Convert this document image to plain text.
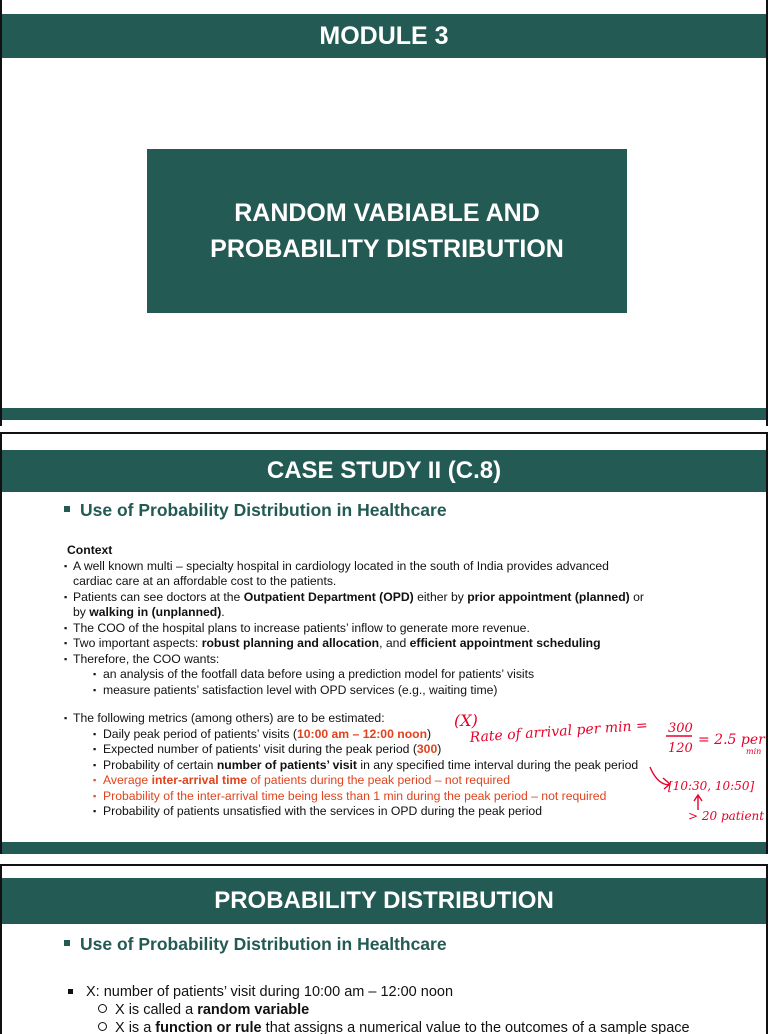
MODULE 3
RANDOM VABIABLE AND
PROBABILITY DISTRIBUTION
CASE STUDY II (C.8)
Use of Probability Distribution in Healthcare
Context
▪ A well known multi – specialty hospital in cardiology located in the south of India provides advanced
cardiac care at an affordable cost to the patients.
▪ Patients can see doctors at the Outpatient Department (OPD) either by prior appointment (planned) or
by walking in (unplanned).
▪ The COO of the hospital plans to increase patients’ inflow to generate more revenue.
▪ Two important aspects: robust planning and allocation, and efficient appointment scheduling
▪ Therefore, the COO wants:
▪ an analysis of the footfall data before using a prediction model for patients’ visits
▪ measure patients’ satisfaction level with OPD services (e.g., waiting time)
▪ The following metrics (among others) are to be estimated:
▪ Daily peak period of patients’ visits (10:00 am – 12:00 noon)
▪ Expected number of patients’ visit during the peak period (300)
▪ Probability of certain number of patients’ visit in any specified time interval during the peak period
▪ Average inter-arrival time of patients during the peak period – not required
▪ Probability of the inter-arrival time being less than 1 min during the peak period – not required
▪ Probability of patients unsatisfied with the services in OPD during the peak period
(X)
Rate of arrival per min = 300
120
= 2.5 per
min
[10:30, 10:50]
> 20 patient
PROBABILITY DISTRIBUTION
Use of Probability Distribution in Healthcare
X: number of patients’ visit during 10:00 am – 12:00 noon
X is called a random variable
X is a function or rule that assigns a numerical value to the outcomes of a sample space
